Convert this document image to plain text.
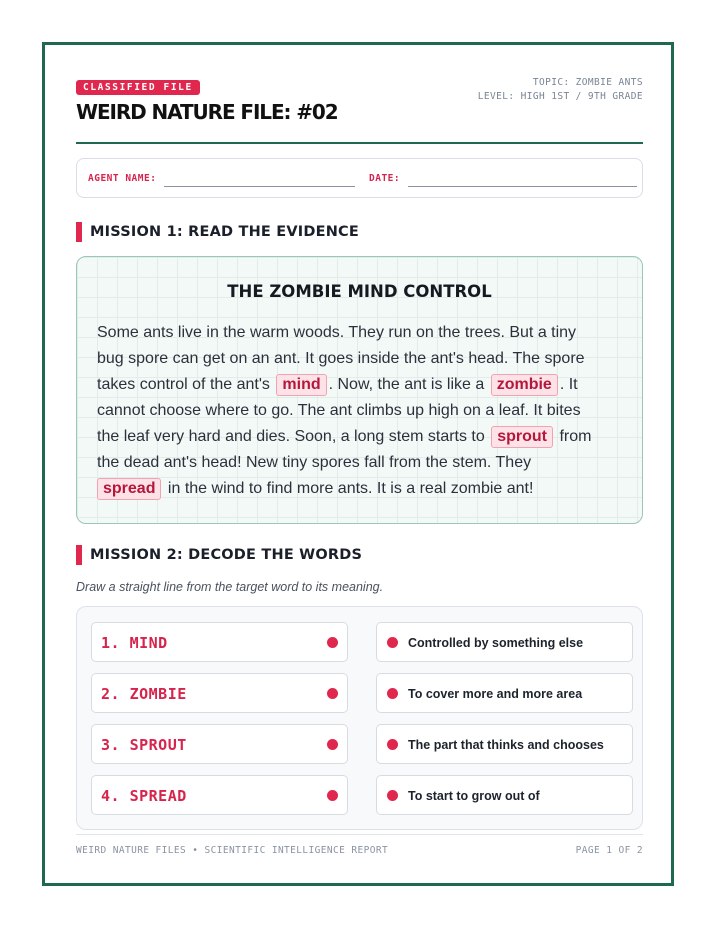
CLASSIFIED FILE
WEIRD NATURE FILE: #02
TOPIC: ZOMBIE ANTS
LEVEL: HIGH 1ST / 9TH GRADE
AGENT NAME:	DATE:
MISSION 1: READ THE EVIDENCE
THE ZOMBIE MIND CONTROL
Some ants live in the warm woods. They run on the trees. But a tiny
bug spore can get on an ant. It goes inside the ant's head. The spore
takes control of the ant's mind . Now, the ant is like a zombie . It
cannot choose where to go. The ant climbs up high on a leaf. It bites
the leaf very hard and dies. Soon, a long stem starts to sprout from
the dead ant's head! New tiny spores fall from the stem. They
spread in the wind to find more ants. It is a real zombie ant!
MISSION 2: DECODE THE WORDS
Draw a straight line from the target word to its meaning.
1. MIND
2. ZOMBIE
3. SPROUT
4. SPREAD
Controlled by something else
To cover more and more area
The part that thinks and chooses
To start to grow out of
WEIRD NATURE FILES • SCIENTIFIC INTELLIGENCE REPORT	PAGE 1 OF 2
